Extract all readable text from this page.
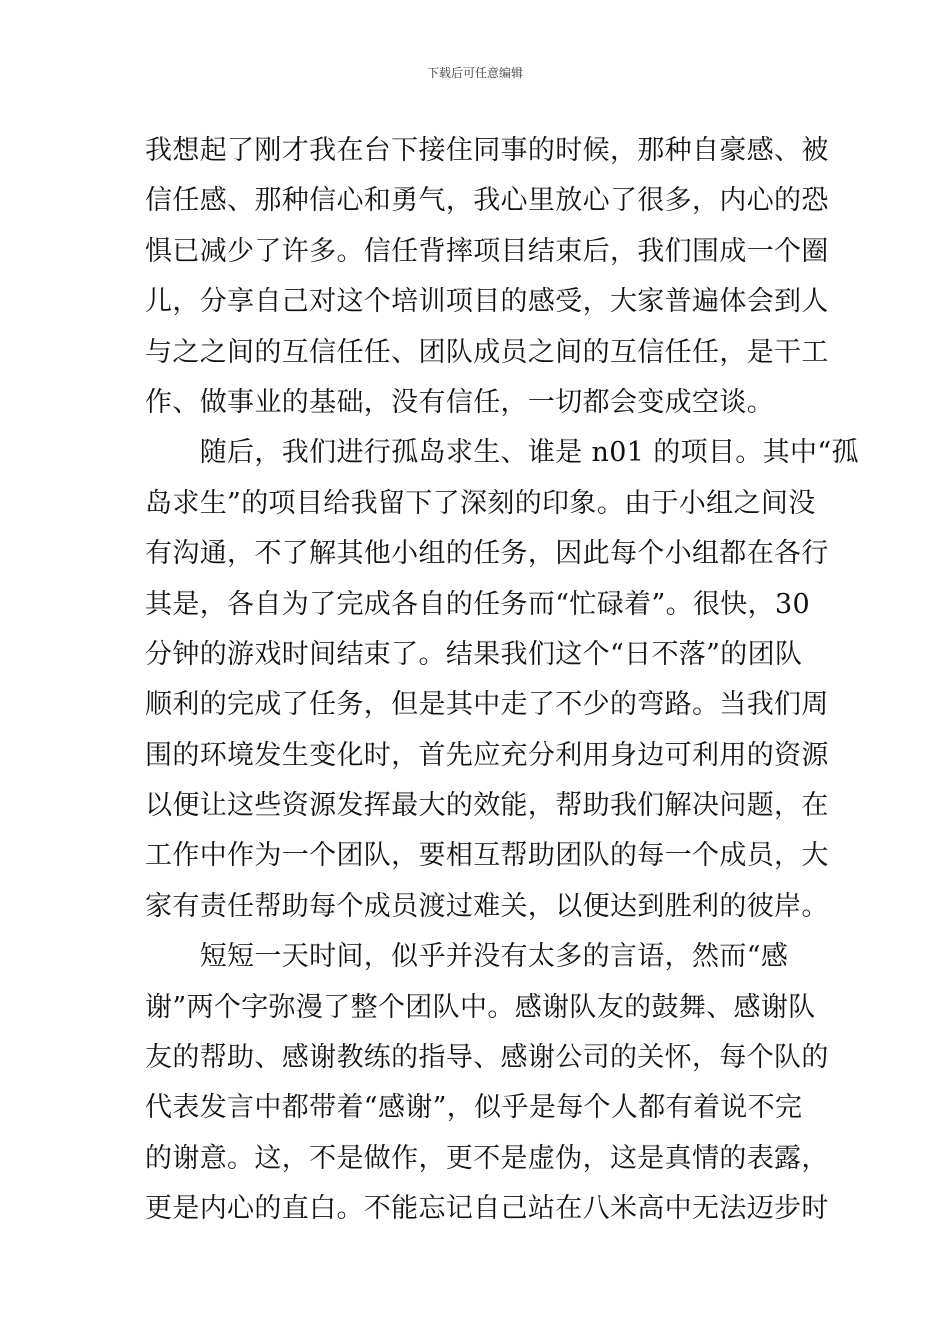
下载后可任意编辑
我想起了刚才我在台下接住同事的时候，那种自豪感、被
信任感、那种信心和勇气，我心里放心了很多，内心的恐
惧已减少了许多。信任背摔项目结束后，我们围成一个圈
儿，分享自己对这个培训项目的感受，大家普遍体会到人
与之之间的互信任任、团队成员之间的互信任任，是干工
作、做事业的基础，没有信任，一切都会变成空谈。
　　随后，我们进行孤岛求生、谁是 n01 的项目。其中“孤
岛求生”的项目给我留下了深刻的印象。由于小组之间没
有沟通，不了解其他小组的任务，因此每个小组都在各行
其是，各自为了完成各自的任务而“忙碌着”。很快，30
分钟的游戏时间结束了。结果我们这个“日不落”的团队
顺利的完成了任务，但是其中走了不少的弯路。当我们周
围的环境发生变化时，首先应充分利用身边可利用的资源
以便让这些资源发挥最大的效能，帮助我们解决问题，在
工作中作为一个团队，要相互帮助团队的每一个成员，大
家有责任帮助每个成员渡过难关，以便达到胜利的彼岸。
　　短短一天时间，似乎并没有太多的言语，然而“感
谢”两个字弥漫了整个团队中。感谢队友的鼓舞、感谢队
友的帮助、感谢教练的指导、感谢公司的关怀，每个队的
代表发言中都带着“感谢”，似乎是每个人都有着说不完
的谢意。这，不是做作，更不是虚伪，这是真情的表露，
更是内心的直白。不能忘记自己站在八米高中无法迈步时
